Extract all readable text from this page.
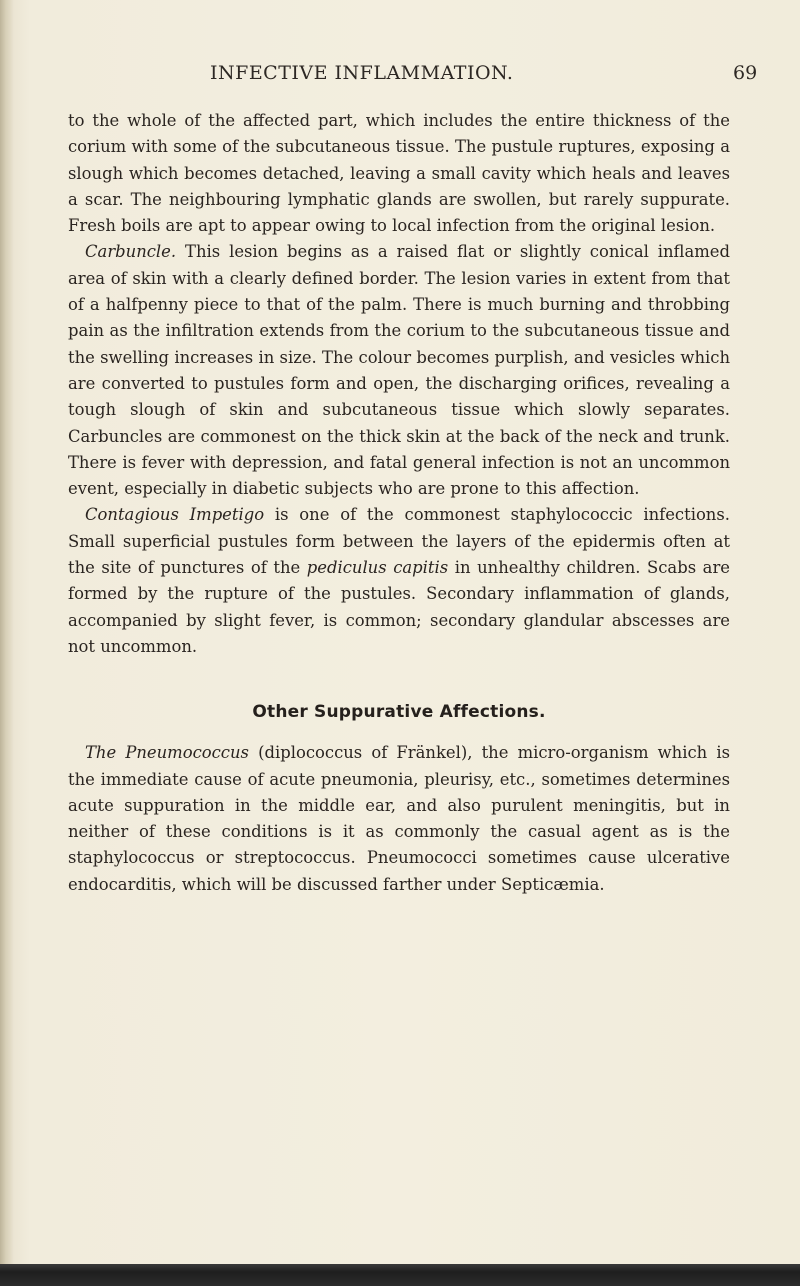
INFECTIVE INFLAMMATION.	69

to the whole of the affected part, which includes the entire thickness of the corium with some of the subcutaneous tissue. The pustule ruptures, exposing a slough which becomes detached, leaving a small cavity which heals and leaves a scar. The neighbouring lymphatic glands are swollen, but rarely suppurate. Fresh boils are apt to appear owing to local infection from the original lesion.

Carbuncle. This lesion begins as a raised flat or slightly conical inflamed area of skin with a clearly defined border. The lesion varies in extent from that of a halfpenny piece to that of the palm. There is much burning and throbbing pain as the infiltration extends from the corium to the subcutaneous tissue and the swelling increases in size. The colour becomes purplish, and vesicles which are converted to pustules form and open, the discharging orifices, revealing a tough slough of skin and subcutaneous tissue which slowly separates. Carbuncles are commonest on the thick skin at the back of the neck and trunk. There is fever with depression, and fatal general infection is not an uncommon event, especially in diabetic subjects who are prone to this affection.

Contagious Impetigo is one of the commonest staphylococcic infections. Small superficial pustules form between the layers of the epidermis often at the site of punctures of the pediculus capitis in unhealthy children. Scabs are formed by the rupture of the pustules. Secondary inflammation of glands, accompanied by slight fever, is common; secondary glandular abscesses are not uncommon.

Other Suppurative Affections.

The Pneumococcus (diplococcus of Fränkel), the micro-organism which is the immediate cause of acute pneumonia, pleurisy, etc., sometimes determines acute suppuration in the middle ear, and also purulent meningitis, but in neither of these conditions is it as commonly the casual agent as is the staphylococcus or streptococcus. Pneumococci sometimes cause ulcerative endocarditis, which will be discussed farther under Septicæmia.
